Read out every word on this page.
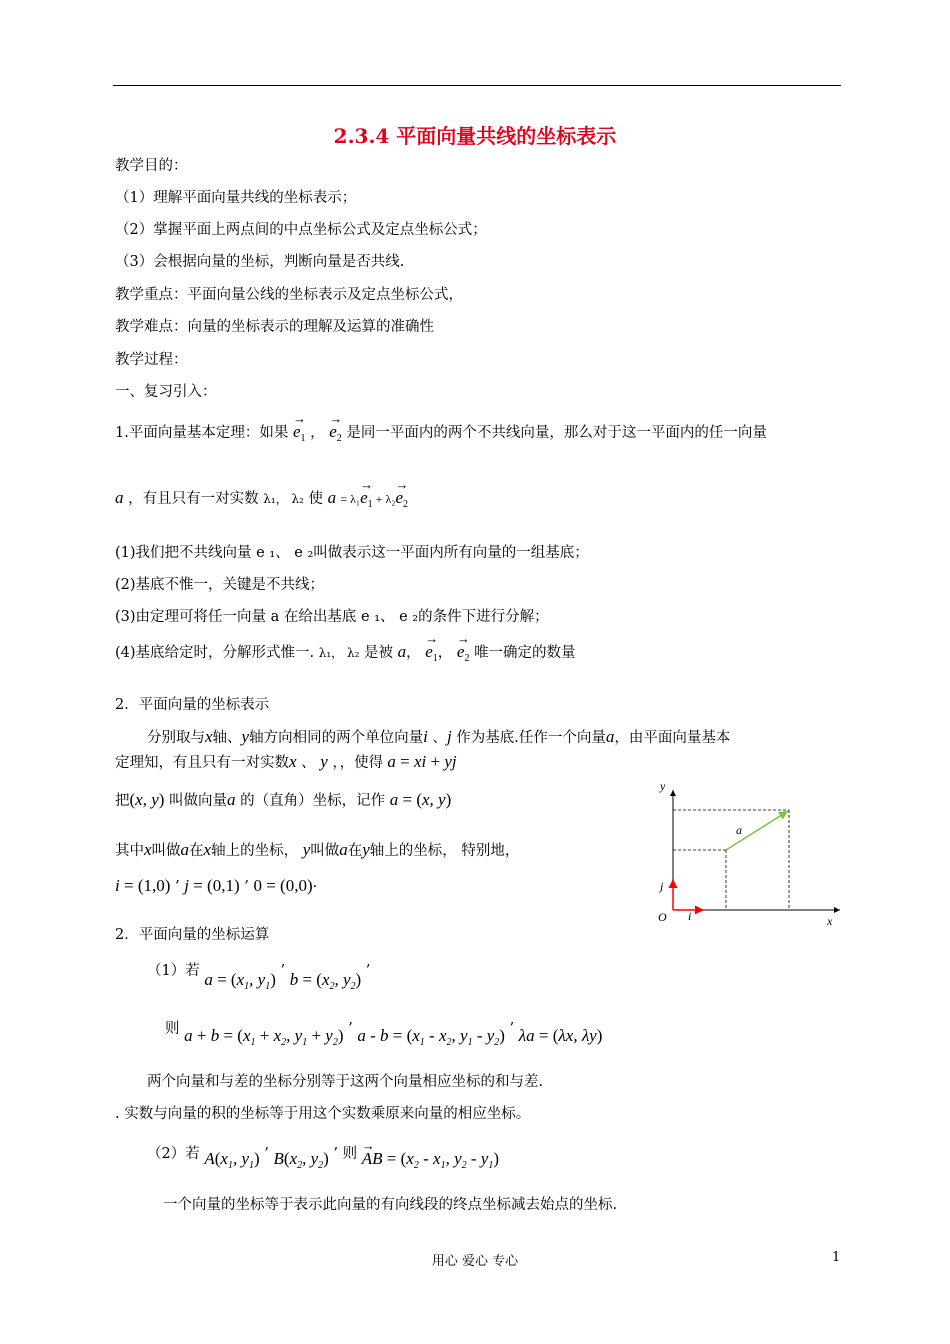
2.3.4 平面向量共线的坐标表示
教学目的：
（1）理解平面向量共线的坐标表示；
（2）掌握平面上两点间的中点坐标公式及定点坐标公式；
（3）会根据向量的坐标，判断向量是否共线.
教学重点：平面向量公线的坐标表示及定点坐标公式，
教学难点：向量的坐标表示的理解及运算的准确性
教学过程：
一、复习引入：
1.平面向量基本定理：如果 → $e_1$ ， → $e_2$ 是同一平面内的两个不共线向量，那么对于这一平面内的任一向量
a ，有且只有一对实数 λ₁， λ₂ 使 $a = \lambda_1\to e_1 + \lambda_2\to e_2$
(1)我们把不共线向量 e ₁、 e ₂叫做表示这一平面内所有向量的一组基底；
(2)基底不惟一，关键是不共线；
(3)由定理可将任一向量 a 在给出基底 e ₁、 e ₂的条件下进行分解；
(4)基底给定时，分解形式惟一. λ₁， λ₂ 是被 a， → $e_1$， → $e_2$ 唯一确定的数量
2．平面向量的坐标表示
分别取与x轴、y轴方向相同的两个单位向量i 、j 作为基底.任作一个向量a，由平面向量基本
定理知，有且只有一对实数x 、 y ，，使得 a = xi + yj
把(x, y) 叫做向量a 的（直角）坐标，记作 a = (x, y)
其中x叫做a在x轴上的坐标， y叫做a在y轴上的坐标， 特别地，
i = (1,0) ’ j = (0,1) ’ 0 = (0,0)·
y
x
O i
j
a
2．平面向量的坐标运算
（1）若 $a = (x_1$, $y_1$) ’ $b = (x_2$, $y_2$) ’
则 $a + b = (x_1 + x_2$, $y_1 + y_2$) ’ $a - b = (x_1 - x_2$, $y_1 - y_2$) ’ λa = (λx, λy)
两个向量和与差的坐标分别等于这两个向量相应坐标的和与差.
. 实数与向量的积的坐标等于用这个实数乘原来向量的相应坐标。
（2）若 $A(x_1$, $y_1$) ’ $B(x_2$, $y_2$) ’ 则 → AB = ($x_2 - x_1$, $y_2 - y_1$)
一个向量的坐标等于表示此向量的有向线段的终点坐标减去始点的坐标.
用心 爱心 专心	1
